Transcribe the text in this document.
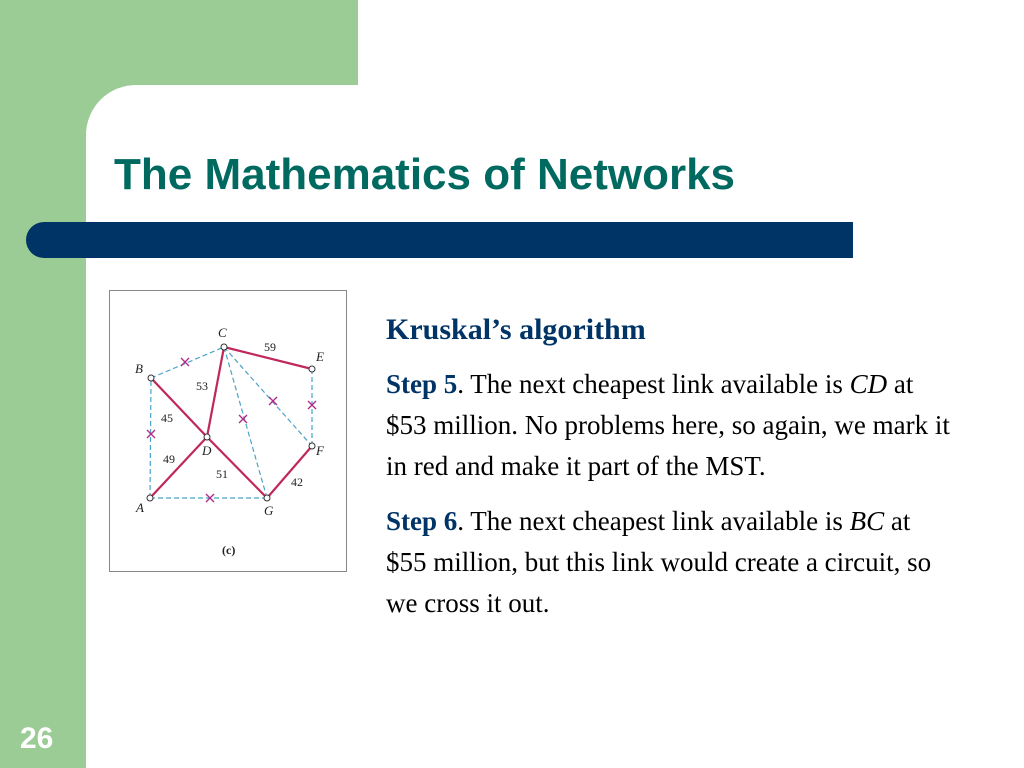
The Mathematics of Networks
A
B
C
D
E
F
G
49
45
53
59
51
42
(c)

Kruskal’s algorithm

Step 5. The next cheapest link available is CD at $53 million. No problems here, so again, we mark it in red and make it part of the MST.

Step 6. The next cheapest link available is BC at $55 million, but this link would create a circuit, so we cross it out.

26
